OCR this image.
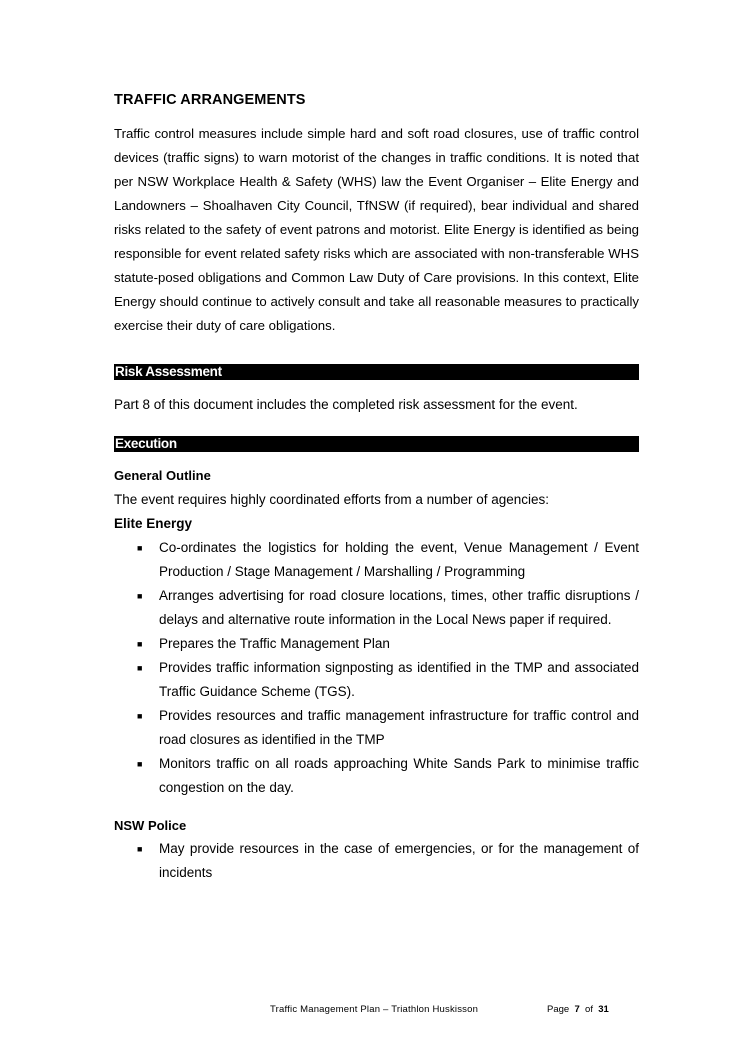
TRAFFIC ARRANGEMENTS

Traffic control measures include simple hard and soft road closures, use of traffic control devices (traffic signs) to warn motorist of the changes in traffic conditions. It is noted that per NSW Workplace Health & Safety (WHS) law the Event Organiser – Elite Energy and Landowners – Shoalhaven City Council, TfNSW (if required), bear individual and shared risks related to the safety of event patrons and motorist. Elite Energy is identified as being responsible for event related safety risks which are associated with non-transferable WHS statute-posed obligations and Common Law Duty of Care provisions. In this context, Elite Energy should continue to actively consult and take all reasonable measures to practically exercise their duty of care obligations.

Risk Assessment

Part 8 of this document includes the completed risk assessment for the event.

Execution

General Outline

The event requires highly coordinated efforts from a number of agencies:

Elite Energy

■ Co-ordinates the logistics for holding the event, Venue Management / Event Production / Stage Management / Marshalling / Programming
■ Arranges advertising for road closure locations, times, other traffic disruptions / delays and alternative route information in the Local News paper if required.
■ Prepares the Traffic Management Plan
■ Provides traffic information signposting as identified in the TMP and associated Traffic Guidance Scheme (TGS).
■ Provides resources and traffic management infrastructure for traffic control and road closures as identified in the TMP
■ Monitors traffic on all roads approaching White Sands Park to minimise traffic congestion on the day.

NSW Police

■ May provide resources in the case of emergencies, or for the management of incidents
Traffic Management Plan – Triathlon Huskisson	Page 7 of 31
